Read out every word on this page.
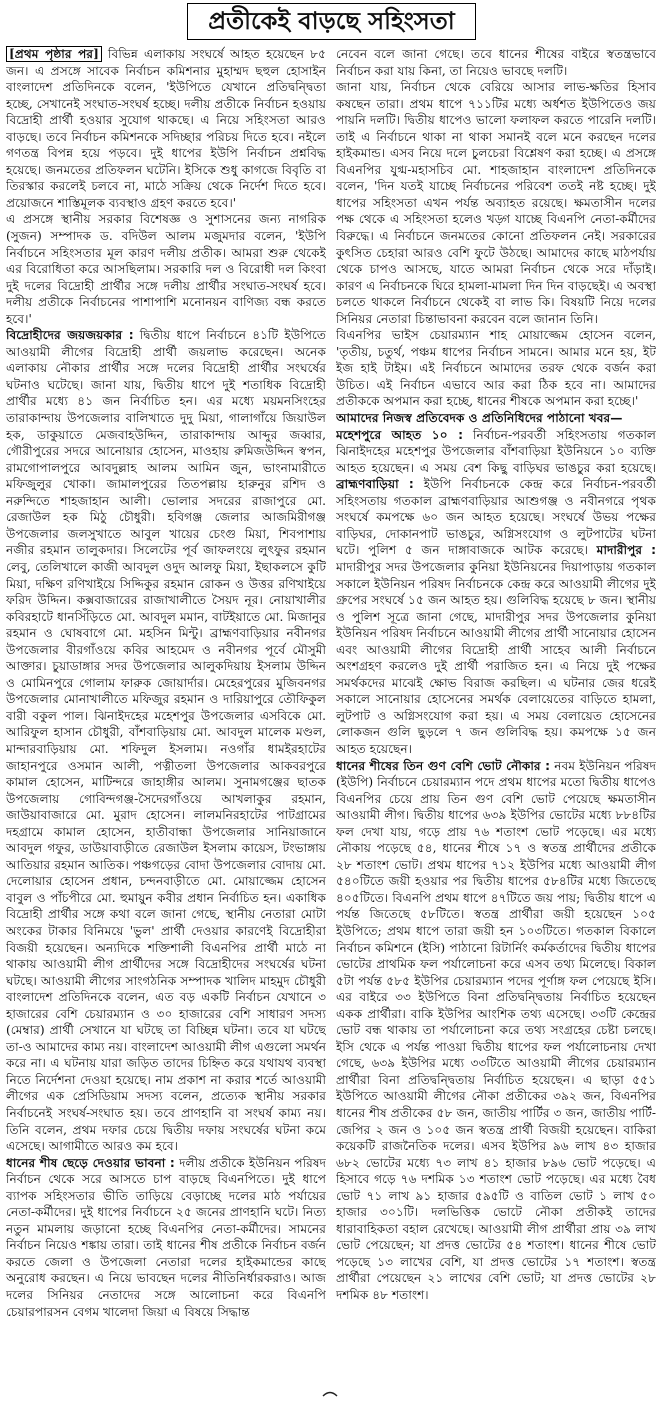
প্রতীকেই বাড়ছে সহিংসতা

[প্রথম পৃষ্ঠার পর] বিভিন্ন এলাকায় সংঘর্ষে আহত হয়েছেন ৮৫ জন। এ প্রসঙ্গে সাবেক নির্বাচন কমিশনার মুহাম্মদ ছহুল হোসাইন বাংলাদেশ প্রতিদিনকে বলেন, 'ইউপিতে যেখানে প্রতিদ্বন্দ্বিতা হচ্ছে, সেখানেই সংঘাত-সংঘর্ষ হচ্ছে। দলীয় প্রতীকে নির্বাচন হওয়ায় বিদ্রোহী প্রার্থী হওয়ার সুযোগ থাকছে। এ নিয়ে সহিংসতা আরও বাড়ছে। তবে নির্বাচন কমিশনকে সদিচ্ছার পরিচয় দিতে হবে। নইলে গণতন্ত্র বিপন্ন হয়ে পড়বে। দুই ধাপের ইউপি নির্বাচন প্রশ্নবিদ্ধ হয়েছে। জনমতের প্রতিফলন ঘটেনি। ইসিকে শুধু কাগজে বিবৃতি বা তিরস্কার করলেই চলবে না, মাঠে সক্রিয় থেকে নির্দেশ দিতে হবে। প্রয়োজনে শাস্তিমূলক ব্যবস্থাও গ্রহণ করতে হবে।'

এ প্রসঙ্গে স্থানীয় সরকার বিশেষজ্ঞ ও সুশাসনের জন্য নাগরিক (সুজন) সম্পাদক ড. বদিউল আলম মজুমদার বলেন, 'ইউপি নির্বাচনে সহিংসতার মূল কারণ দলীয় প্রতীক। আমরা শুরু থেকেই এর বিরোধিতা করে আসছিলাম। সরকারি দল ও বিরোধী দল কিংবা দুই দলের বিদ্রোহী প্রার্থীর সঙ্গে দলীয় প্রার্থীর সংঘাত-সংঘর্ষ হবে। দলীয় প্রতীকে নির্বাচনের পাশাপাশি মনোনয়ন বাণিজ্য বন্ধ করতে হবে।'

বিদ্রোহীদের জয়জয়কার : দ্বিতীয় ধাপে নির্বাচনে ৪১টি ইউপিতে আওয়ামী লীগের বিদ্রোহী প্রার্থী জয়লাভ করেছেন। অনেক এলাকায় নৌকার প্রার্থীর সঙ্গে দলের বিদ্রোহী প্রার্থীর সংঘর্ষের ঘটনাও ঘটেছে। জানা যায়, দ্বিতীয় ধাপে দুই শতাধিক বিদ্রোহী প্রার্থীর মধ্যে ৪১ জন নির্বাচিত হন। এর মধ্যে ময়মনসিংহের তারাকান্দায় উপজেলার বালিখাতে দুদু মিয়া, গালাগাঁয়ে জিয়াউল হক, ডাকুয়াতে মেজবাহউদ্দিন, তারাকান্দায় আব্দুর জব্বার, গৌরীপুরের সদরে আনোয়ার হোসেন, মাওহায় রুমিজউদ্দিন স্বপন, রামগোপালপুরে আবদুল্লাহ আলম আমিন জুন, ভাংনামারীতে মফিজুলুর খোকা। জামালপুরের তিতপল্লায় হারুনুর রশিদ ও নরুন্দিতে শাহজাহান আলী। ভোলার সদরের রাজাপুরে মো. রেজাউল হক মিঠু চৌধুরী। হবিগঞ্জ জেলার আজমিরীগঞ্জ উপজেলার জলসুখাতে আবুল খায়ের চেংগু মিয়া, শিবপাশায় নজীর রহমান তালুকদার। সিলেটের পূর্ব জাফলংয়ে লুৎফুর রহমান লেবু, তেলিখালে কাজী আবদুল ওদুদ আলফু মিয়া, ইছাকলসে কুটি মিয়া, দক্ষিণ রণিখাইয়ে সিদ্দিকুর রহমান রোকন ও উত্তর রণিখাইয়ে ফরিদ উদ্দিন। কক্সবাজারের রাজাখালীতে সৈয়দ নূর। নোয়াখালীর কবিরহাটে ধানসিঁড়িতে মো. আবদুল মমান, বাটইয়াতে মো. মিজানুর রহমান ও ঘোষবাগে মো. মহসিন মিন্টু। ব্রাহ্মণবাড়িয়ার নবীনগর উপজেলার বীরগাঁওয়ে কবির আহমেদ ও নবীনগর পূর্বে মৌসুমী আক্তার। চুয়াডাঙ্গার সদর উপজেলার আলুকদিয়ায় ইসলাম উদ্দিন ও মোমিনপুরে গোলাম ফারুক জোয়ার্দার। মেহেরপুরের মুজিবনগর উপজেলার মোনাখালীতে মফিজুর রহমান ও দারিয়াপুরে তৌফিকুল বারী বকুল পাল। ঝিনাইদহের মহেশপুর উপজেলার এসবিকে মো. আরিফুল হাসান চৌধুরী, বাঁশবাড়িয়ায় মো. আবদুল মালেক মণ্ডল, মান্দারবাড়িয়ায় মো. শফিদুল ইসলাম। নওগাঁর ধামইরহাটের জাহানপুরে ওসমান আলী, পত্নীতলা উপজেলার আকবরপুরে কামাল হোসেন, মাটিন্দরে জাহাঙ্গীর আলম। সুনামগঞ্জের ছাতক উপজেলায় গোবিন্দগঞ্জ-সৈদেরগাঁওয়ে আখলাকুর রহমান, জাউয়াবাজারে মো. মুরাদ হোসেন। লালমনিরহাটের পাটগ্রামের দহগ্রামে কামাল হোসেন, হাতীবান্ধা উপজেলার সানিয়াজানে আবদুল গফুর, ডাউয়াবাড়ীতে রেজাউল ইসলাম কায়েস, টংভাঙ্গায় আতিয়ার রহমান আতিক। পঞ্চগড়ের বোদা উপজেলার বোদায় মো. দেলোয়ার হোসেন প্রধান, চন্দনবাড়ীতে মো. মোয়াজ্জেম হোসেন বাবুল ও পাঁচপীরে মো. হুমায়ুন কবীর প্রধান নির্বাচিত হন। একাধিক বিদ্রোহী প্রার্থীর সঙ্গে কথা বলে জানা গেছে, স্থানীয় নেতারা মোটা অংকের টাকার বিনিময়ে 'ভুল' প্রার্থী দেওয়ার কারণেই বিদ্রোহীরা বিজয়ী হয়েছেন। অন্যদিকে শক্তিশালী বিএনপির প্রার্থী মাঠে না থাকায় আওয়ামী লীগ প্রার্থীদের সঙ্গে বিদ্রোহীদের সংঘর্ষের ঘটনা ঘটছে। আওয়ামী লীগের সাংগঠনিক সম্পাদক খালিদ মাহমুদ চৌধুরী বাংলাদেশ প্রতিদিনকে বলেন, এত বড় একটি নির্বাচন যেখানে ৩ হাজারের বেশি চেয়ারম্যান ও ৩০ হাজারের বেশি সাধারণ সদস্য (মেম্বার) প্রার্থী সেখানে যা ঘটছে তা বিচ্ছিন্ন ঘটনা। তবে যা ঘটছে তা-ও আমাদের কাম্য নয়। বাংলাদেশ আওয়ামী লীগ এগুলো সমর্থন করে না। এ ঘটনায় যারা জড়িত তাদের চিহ্নিত করে যথাযথ ব্যবস্থা নিতে নির্দেশনা দেওয়া হয়েছে। নাম প্রকাশ না করার শর্তে আওয়ামী লীগের এক প্রেসিডিয়াম সদস্য বলেন, প্রত্যেক স্থানীয় সরকার নির্বাচনেই সংঘর্ষ-সংঘাত হয়। তবে প্রাণহানি বা সংঘর্ষ কাম্য নয়। তিনি বলেন, প্রথম দফার চেয়ে দ্বিতীয় দফায় সংঘর্ষের ঘটনা কমে এসেছে। আগামীতে আরও কম হবে।

ধানের শীষ ছেড়ে দেওয়ার ভাবনা : দলীয় প্রতীকে ইউনিয়ন পরিষদ নির্বাচন থেকে সরে আসতে চাপ বাড়ছে বিএনপিতে। দুই ধাপে ব্যাপক সহিংসতার ভীতি তাড়িয়ে বেড়াচ্ছে দলের মাঠ পর্যায়ের নেতা-কর্মীদের। দুই ধাপের নির্বাচনে ২৫ জনের প্রাণহানি ঘটে। নিত্য নতুন মামলায় জড়ানো হচ্ছে বিএনপির নেতা-কর্মীদের। সামনের নির্বাচন নিয়েও শঙ্কায় তারা। তাই ধানের শীষ প্রতীকে নির্বাচন বর্জন করতে জেলা ও উপজেলা নেতারা দলের হাইকমান্ডের কাছে অনুরোধ করছেন। এ নিয়ে ভাবছেন দলের নীতিনির্ধারকরাও। আজ দলের সিনিয়র নেতাদের সঙ্গে আলোচনা করে বিএনপি চেয়ারপারসন বেগম খালেদা জিয়া এ বিষয়ে সিদ্ধান্ত

নেবেন বলে জানা গেছে। তবে ধানের শীষের বাইরে স্বতন্ত্রভাবে নির্বাচন করা যায় কিনা, তা নিয়েও ভাবছে দলটি।

জানা যায়, নির্বাচন থেকে বেরিয়ে আসার লাভ-ক্ষতির হিসাব কষছেন তারা। প্রথম ধাপে ৭১১টির মধ্যে অর্ধশত ইউপিতেও জয় পায়নি দলটি। দ্বিতীয় ধাপেও ভালো ফলাফল করতে পারেনি দলটি। তাই এ নির্বাচনে থাকা না থাকা সমানই বলে মনে করছেন দলের হাইকমান্ড। এসব নিয়ে দলে চুলচেরা বিশ্লেষণ করা হচ্ছে। এ প্রসঙ্গে বিএনপির যুগ্ম-মহাসচিব মো. শাহজাহান বাংলাদেশ প্রতিদিনকে বলেন, 'দিন যতই যাচ্ছে নির্বাচনের পরিবেশ ততই নষ্ট হচ্ছে। দুই ধাপের সহিংসতা এখন পর্যন্ত অব্যাহত রয়েছে। ক্ষমতাসীন দলের পক্ষ থেকে এ সহিংসতা হলেও খড়্গ যাচ্ছে বিএনপি নেতা-কর্মীদের বিরুদ্ধে। এ নির্বাচনে জনমতের কোনো প্রতিফলন নেই। সরকারের কুৎসিত চেহারা আরও বেশি ফুটে উঠছে। আমাদের কাছে মাঠপর্যায় থেকে চাপও আসছে, যাতে আমরা নির্বাচন থেকে সরে দাঁড়াই। কারণ এ নির্বাচনকে ঘিরে হামলা-মামলা দিন দিন বাড়ছেই। এ অবস্থা চলতে থাকলে নির্বাচনে থেকেই বা লাভ কি। বিষয়টি নিয়ে দলের সিনিয়র নেতারা চিন্তাভাবনা করবেন বলে জানান তিনি।

বিএনপির ভাইস চেয়ারম্যান শাহ মোয়াজ্জেম হোসেন বলেন, 'তৃতীয়, চতুর্থ, পঞ্চম ধাপের নির্বাচন সামনে। আমার মনে হয়, ইট ইজ হাই টাইম। এই নির্বাচনে আমাদের তরফ থেকে বর্জন করা উচিত। এই নির্বাচন এভাবে আর করা ঠিক হবে না। আমাদের প্রতীককে অপমান করা হচ্ছে, ধানের শীষকে অপমান করা হচ্ছে।'

আমাদের নিজস্ব প্রতিবেদক ও প্রতিনিধিদের পাঠানো খবর—

মহেশপুরে আহত ১০ : নির্বাচন-পরবর্তী সহিংসতায় গতকাল ঝিনাইদহের মহেশপুর উপজেলার বাঁশবাড়িয়া ইউনিয়নে ১০ ব্যক্তি আহত হয়েছেন। এ সময় বেশ কিছু বাড়িঘর ভাঙচুর করা হয়েছে। ব্রাহ্মণবাড়িয়া : ইউপি নির্বাচনকে কেন্দ্র করে নির্বাচন-পরবর্তী সহিংসতায় গতকাল ব্রাহ্মণবাড়িয়ার আশুগঞ্জ ও নবীনগরে পৃথক সংঘর্ষে কমপক্ষে ৬০ জন আহত হয়েছে। সংঘর্ষে উভয় পক্ষের বাড়িঘর, দোকানপাট ভাঙচুর, অগ্নিসংযোগ ও লুটপাটের ঘটনা ঘটে। পুলিশ ৫ জন দাঙ্গাবাজকে আটক করেছে। মাদারীপুর : মাদারীপুর সদর উপজেলার কুনিয়া ইউনিয়নের দিয়াপাড়ায় গতকাল সকালে ইউনিয়ন পরিষদ নির্বাচনকে কেন্দ্র করে আওয়ামী লীগের দুই গ্রুপের সংঘর্ষে ১৫ জন আহত হয়। গুলিবিদ্ধ হয়েছে ৮ জন। স্থানীয় ও পুলিশ সূত্রে জানা গেছে, মাদারীপুর সদর উপজেলার কুনিয়া ইউনিয়ন পরিষদ নির্বাচনে আওয়ামী লীগের প্রার্থী সানোয়ার হোসেন এবং আওয়ামী লীগের বিদ্রোহী প্রার্থী সাহেব আলী নির্বাচনে অংশগ্রহণ করলেও দুই প্রার্থী পরাজিত হন। এ নিয়ে দুই পক্ষের সমর্থকদের মাঝেই ক্ষোভ বিরাজ করছিল। এ ঘটনার জের ধরেই সকালে সানোয়ার হোসেনের সমর্থক বেলায়েতের বাড়িতে হামলা, লুটপাট ও অগ্নিসংযোগ করা হয়। এ সময় বেলায়েত হোসেনের লোকজন গুলি ছুড়লে ৭ জন গুলিবিদ্ধ হয়। কমপক্ষে ১৫ জন আহত হয়েছেন।

ধানের শীষের তিন গুণ বেশি ভোট নৌকার : নবম ইউনিয়ন পরিষদ (ইউপি) নির্বাচনে চেয়ারম্যান পদে প্রথম ধাপের মতো দ্বিতীয় ধাপেও বিএনপির চেয়ে প্রায় তিন গুণ বেশি ভোট পেয়েছে ক্ষমতাসীন আওয়ামী লীগ। দ্বিতীয় ধাপের ৬৩৯ ইউপির ভোটের মধ্যে ৮৮৪টির ফল দেখা যায়, গড়ে প্রায় ৭৬ শতাংশ ভোট পড়েছে। এর মধ্যে নৌকায় পড়েছে ৫৪, ধানের শীষে ১৭ ও স্বতন্ত্র প্রার্থীদের প্রতীকে ২৮ শতাংশ ভোট। প্রথম ধাপের ৭১২ ইউপির মধ্যে আওয়ামী লীগ ৫৪০টিতে জয়ী হওয়ার পর দ্বিতীয় ধাপের ৫৮৪টির মধ্যে জিতেছে ৪০৫টিতে। বিএনপি প্রথম ধাপে ৪৭টিতে জয় পায়; দ্বিতীয় ধাপে এ পর্যন্ত জিতেছে ৫৮টিতে। স্বতন্ত্র প্রার্থীরা জয়ী হয়েছেন ১০৫ ইউপিতে; প্রথম ধাপে তারা জয়ী হন ১০৩টিতে। গতকাল বিকালে নির্বাচন কমিশনে (ইসি) পাঠানো রিটার্নিং কর্মকর্তাদের দ্বিতীয় ধাপের ভোটের প্রাথমিক ফল পর্যালোচনা করে এসব তথ্য মিলেছে। বিকাল ৫টা পর্যন্ত ৫৮৫ ইউপির চেয়ারম্যান পদের পূর্ণাঙ্গ ফল পেয়েছে ইসি। এর বাইরে ৩৩ ইউপিতে বিনা প্রতিদ্বন্দ্বিতায় নির্বাচিত হয়েছেন একক প্রার্থীরা। বাকি ইউপির আংশিক তথ্য এসেছে। ৩৩টি কেন্দ্রের ভোট বন্ধ থাকায় তা পর্যালোচনা করে তথ্য সংগ্রহের চেষ্টা চলছে। ইসি থেকে এ পর্যন্ত পাওয়া দ্বিতীয় ধাপের ফল পর্যালোচনায় দেখা গেছে, ৬৩৯ ইউপির মধ্যে ৩৩টিতে আওয়ামী লীগের চেয়ারম্যান প্রার্থীরা বিনা প্রতিদ্বন্দ্বিতায় নির্বাচিত হয়েছেন। এ ছাড়া ৫৫১ ইউপিতে আওয়ামী লীগের নৌকা প্রতীকের ৩৯২ জন, বিএনপির ধানের শীষ প্রতীকের ৫৮ জন, জাতীয় পার্টির ৩ জন, জাতীয় পার্টি-জেপির ২ জন ও ১০৫ জন স্বতন্ত্র প্রার্থী বিজয়ী হয়েছেন। বাকিরা কয়েকটি রাজনৈতিক দলের। এসব ইউপির ৯৬ লাখ ৪৩ হাজার ৬৮২ ভোটের মধ্যে ৭৩ লাখ ৪১ হাজার ৮৯৬ ভোট পড়েছে। এ হিসাবে গড়ে ৭৬ দশমিক ১৩ শতাংশ ভোট পড়েছে। এর মধ্যে বৈধ ভোট ৭১ লাখ ৯১ হাজার ৫৯৫টি ও বাতিল ভোট ১ লাখ ৫০ হাজার ৩০১টি। দলভিত্তিক ভোটে নৌকা প্রতীকই তাদের ধারাবাহিকতা বহাল রেখেছে। আওয়ামী লীগ প্রার্থীরা প্রায় ৩৯ লাখ ভোট পেয়েছেন; যা প্রদত্ত ভোটের ৫৪ শতাংশ। ধানের শীষে ভোট পড়েছে ১৩ লাখের বেশি, যা প্রদত্ত ভোটের ১৭ শতাংশ। স্বতন্ত্র প্রার্থীরা পেয়েছেন ২১ লাখের বেশি ভোট; যা প্রদত্ত ভোটের ২৮ দশমিক ৪৮ শতাংশ।
